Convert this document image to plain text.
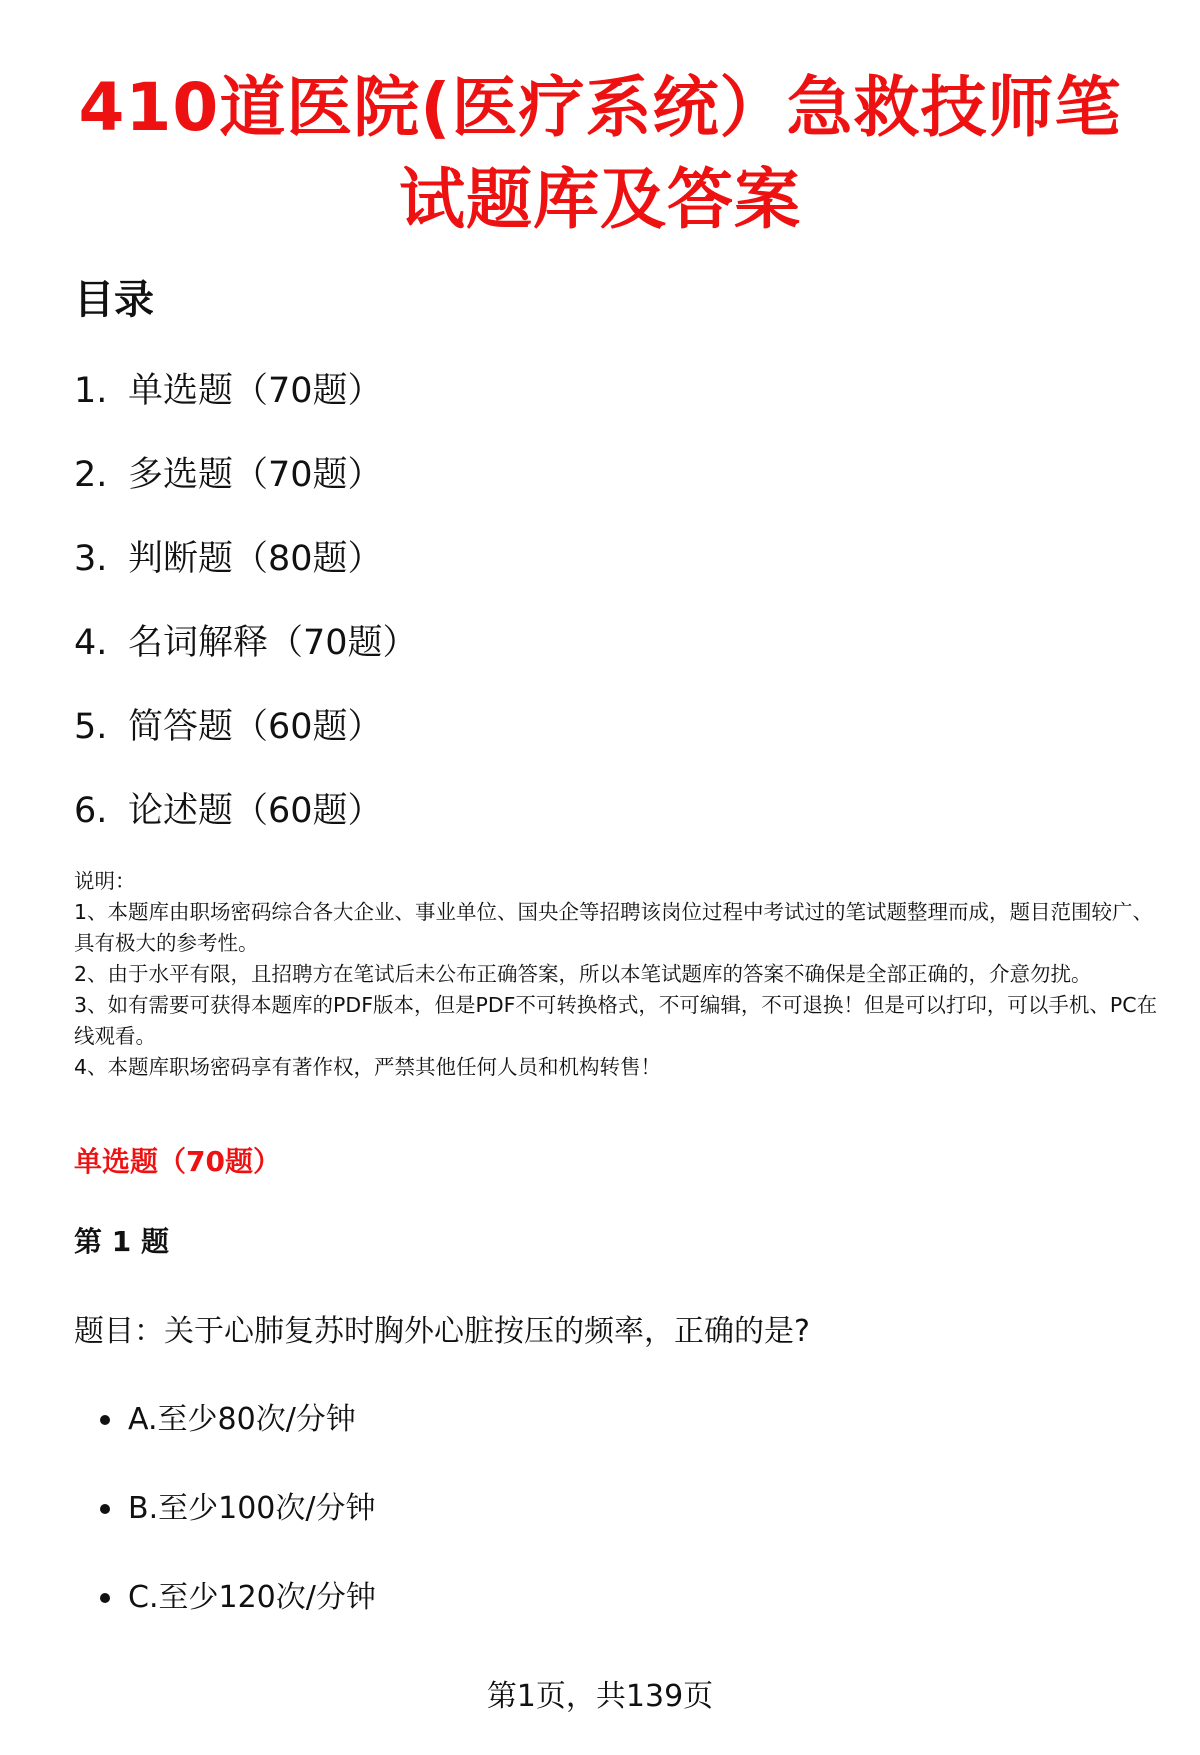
410道医院(医疗系统）急救技师笔试题库及答案
目录
1. 单选题（70题）
2. 多选题（70题）
3. 判断题（80题）
4. 名词解释（70题）
5. 简答题（60题）
6. 论述题（60题）

说明：

1、本题库由职场密码综合各大企业、事业单位、国央企等招聘该岗位过程中考试过的笔试题整理而成，题目范围较广、具有极大的参考性。

2、由于水平有限，且招聘方在笔试后未公布正确答案，所以本笔试题库的答案不确保是全部正确的，介意勿扰。

3、如有需要可获得本题库的PDF版本，但是PDF不可转换格式，不可编辑，不可退换！但是可以打印，可以手机、PC在线观看。

4、本题库职场密码享有著作权，严禁其他任何人员和机构转售！

单选题（70题）
第 1 题
题目：关于心肺复苏时胸外心脏按压的频率，正确的是?
A.至少80次/分钟
B.至少100次/分钟
C.至少120次/分钟
第1页，共139页
